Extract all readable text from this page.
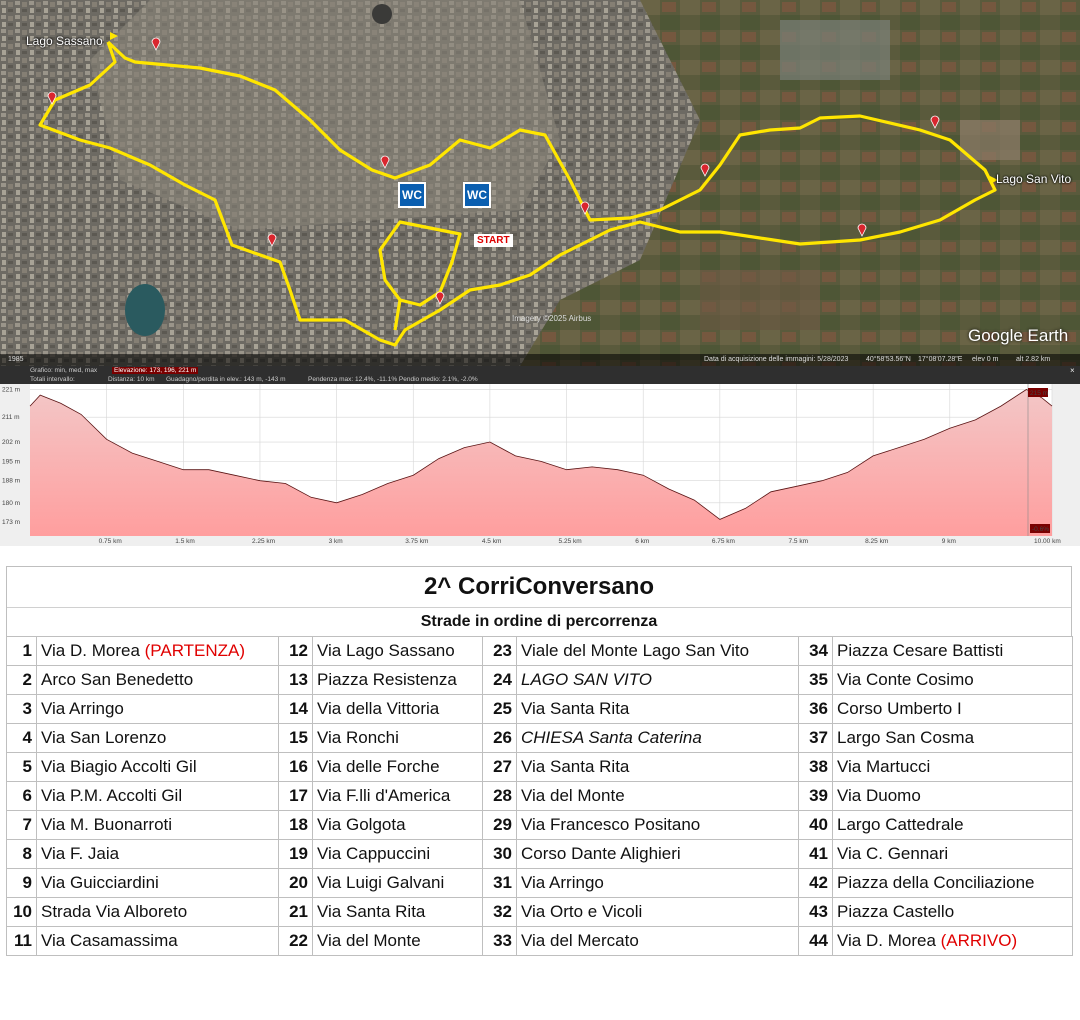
Lago Sassano
Lago San Vito
WC	WC
START
Imagery ©2025 Airbus
Google Earth
1985	Data di acquisizione delle immagini: 5/28/2023	40°58'53.56"N 17°08'07.28"E elev 0 m	alt 2.82 km
Grafico: min, med, max	Elevazione: 173, 196, 221 m
Totali intervallo:	Distanza: 10 km Guadagno/perdita in elev.: 143 m, -143 m	Pendenza max: 12.4%, -11.1% Pendio medio: 2.1%, -2.0%
×
221 m
211 m
202 m
195 m
188 m
180 m
173 m
0.75 km	1.5 km	2.25 km	3 km	3.75 km	4.5 km	5.25 km	6 km	6.75 km	7.5 km	8.25 km	9 km	10.00 km
215 m
-0.6%
2^ CorriConversano
Strade in ordine di percorrenza
1	Via D. Morea (PARTENZA)	12	Via Lago Sassano	23	Viale del Monte Lago San Vito	34	Piazza Cesare Battisti
2	Arco San Benedetto	13	Piazza Resistenza	24	LAGO SAN VITO	35	Via Conte Cosimo
3	Via Arringo	14	Via della Vittoria	25	Via Santa Rita	36	Corso Umberto I
4	Via San Lorenzo	15	Via Ronchi	26	CHIESA Santa Caterina	37	Largo San Cosma
5	Via Biagio Accolti Gil	16	Via delle Forche	27	Via Santa Rita	38	Via Martucci
6	Via P.M. Accolti Gil	17	Via F.lli d'America	28	Via del Monte	39	Via Duomo
7	Via M. Buonarroti	18	Via Golgota	29	Via Francesco Positano	40	Largo Cattedrale
8	Via F. Jaia	19	Via Cappuccini	30	Corso Dante Alighieri	41	Via C. Gennari
9	Via Guicciardini	20	Via Luigi Galvani	31	Via Arringo	42	Piazza della Conciliazione
10	Strada Via Alboreto	21	Via Santa Rita	32	Via Orto e Vicoli	43	Piazza Castello
11	Via Casamassima	22	Via del Monte	33	Via del Mercato	44	Via D. Morea (ARRIVO)
